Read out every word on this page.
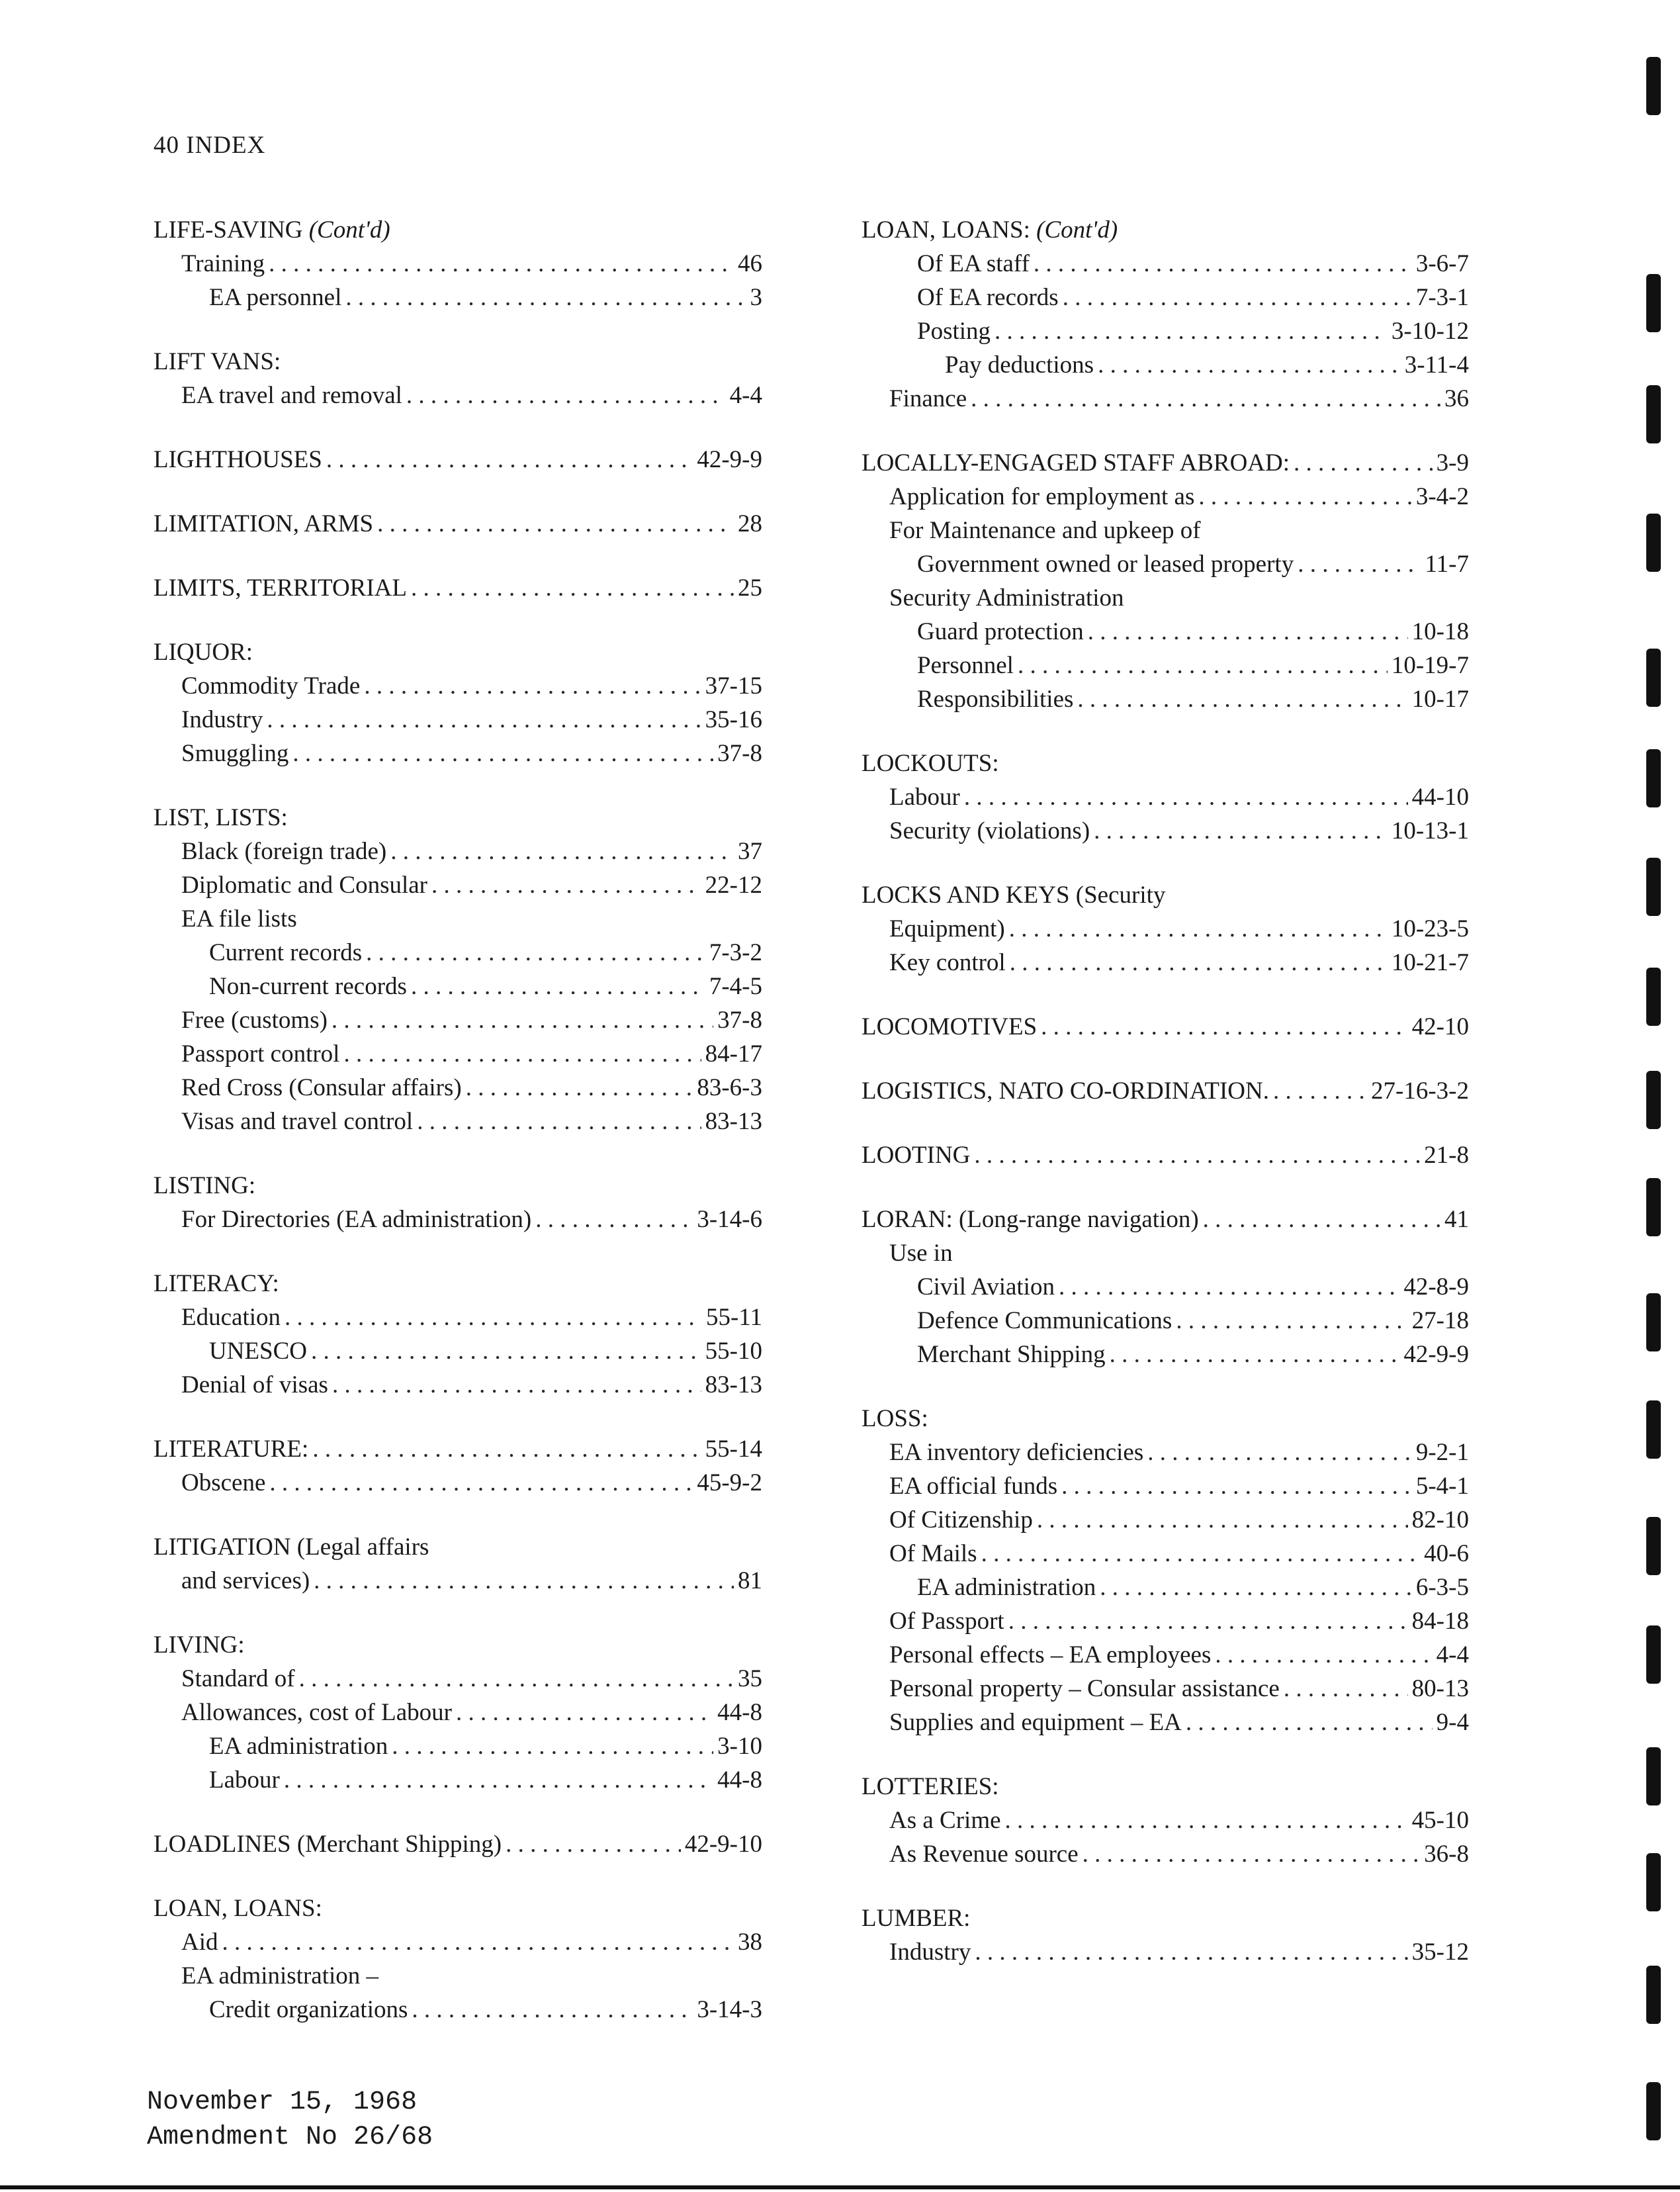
40 INDEX
LIFE-SAVING (Cont'd)
Training . . .	46
EA personnel . . .	3
LIFT VANS:
EA travel and removal . . .	4-4
LIGHTHOUSES . . .	42-9-9
LIMITATION, ARMS . . .	28
LIMITS, TERRITORIAL . . .	25
LIQUOR:
Commodity Trade . . .	37-15
Industry . . .	35-16
Smuggling . . .	37-8
LIST, LISTS:
Black (foreign trade) . . .	37
Diplomatic and Consular . . .	22-12
EA file lists
Current records . . .	7-3-2
Non-current records . . .	7-4-5
Free (customs) . . .	37-8
Passport control . . .	84-17
Red Cross (Consular affairs) . . .	83-6-3
Visas and travel control . . .	83-13
LISTING:
For Directories (EA administration) . . .	3-14-6
LITERACY:
Education . . .	55-11
UNESCO . . .	55-10
Denial of visas . . .	83-13
LITERATURE: . . .	55-14
Obscene . . .	45-9-2
LITIGATION (Legal affairs
and services) . . .	81
LIVING:
Standard of . . .	35
Allowances, cost of Labour . . .	44-8
EA administration . . .	3-10
Labour . . .	44-8
LOADLINES (Merchant Shipping) . . .	42-9-10
LOAN, LOANS:
Aid . . .	38
EA administration –
Credit organizations . . .	3-14-3
LOAN, LOANS: (Cont'd)
Of EA staff . . .	3-6-7
Of EA records . . .	7-3-1
Posting . . .	3-10-12
Pay deductions . . .	3-11-4
Finance . . .	36
LOCALLY-ENGAGED STAFF ABROAD: . . .	3-9
Application for employment as . . .	3-4-2
For Maintenance and upkeep of
Government owned or leased property . . .	11-7
Security Administration
Guard protection . . .	10-18
Personnel . . .	10-19-7
Responsibilities . . .	10-17
LOCKOUTS:
Labour . . .	44-10
Security (violations) . . .	10-13-1
LOCKS AND KEYS (Security
Equipment) . . .	10-23-5
Key control . . .	10-21-7
LOCOMOTIVES . . .	42-10
LOGISTICS, NATO CO-ORDINATION. . . .	27-16-3-2
LOOTING . . .	21-8
LORAN: (Long-range navigation) . . .	41
Use in
Civil Aviation . . .	42-8-9
Defence Communications . . .	27-18
Merchant Shipping . . .	42-9-9
LOSS:
EA inventory deficiencies . . .	9-2-1
EA official funds . . .	5-4-1
Of Citizenship . . .	82-10
Of Mails . . .	40-6
EA administration . . .	6-3-5
Of Passport . . .	84-18
Personal effects – EA employees . . .	4-4
Personal property – Consular assistance . . .	80-13
Supplies and equipment – EA . . .	9-4
LOTTERIES:
As a Crime . . .	45-10
As Revenue source . . .	36-8
LUMBER:
Industry . . .	35-12
November 15, 1968
Amendment No 26/68
